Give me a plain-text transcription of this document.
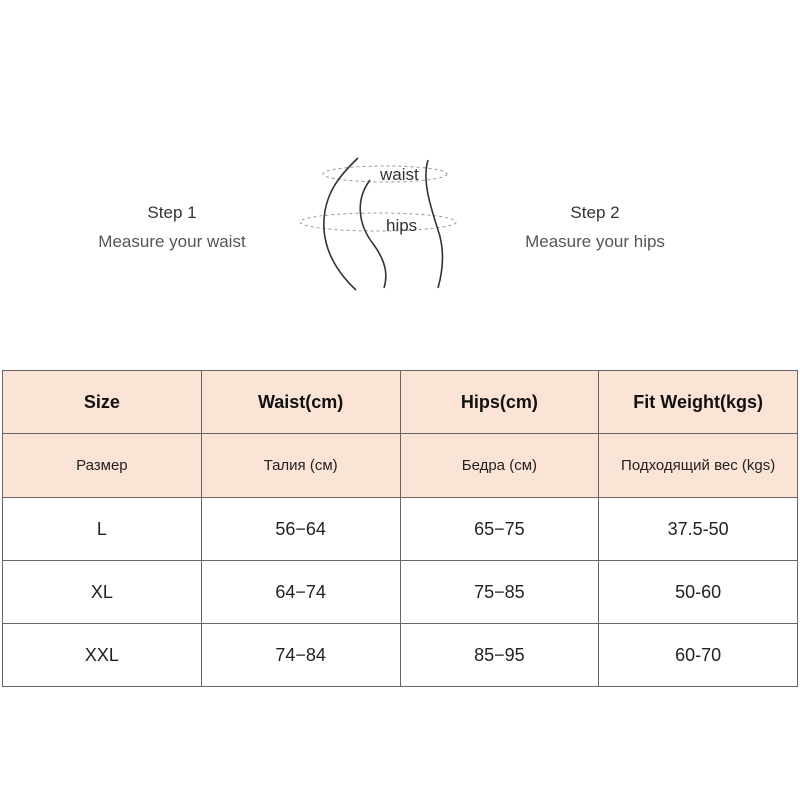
Step 1
Measure your waist
waist
hips
Step 2
Measure your hips
Size	Waist(cm)	Hips(cm)	Fit Weight(kgs)
Размер	Талия (см)	Бедра (см)	Подходящий вес (kgs)
L	56−64	65−75	37.5-50
XL	64−74	75−85	50-60
XXL	74−84	85−95	60-70
